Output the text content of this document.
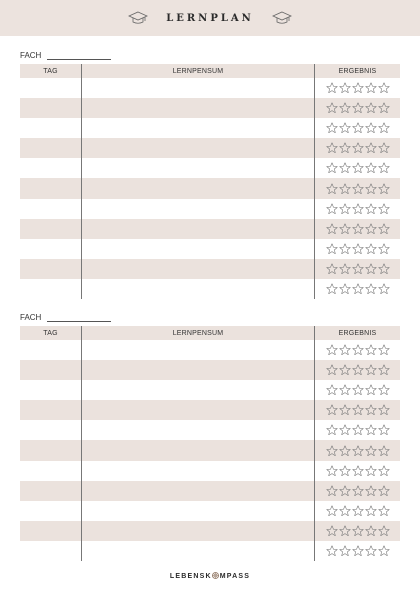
LERNPLAN
FACH
TAG	LERNPENSUM	ERGEBNIS
FACH
TAG	LERNPENSUM	ERGEBNIS
LEBENSK MPASS
